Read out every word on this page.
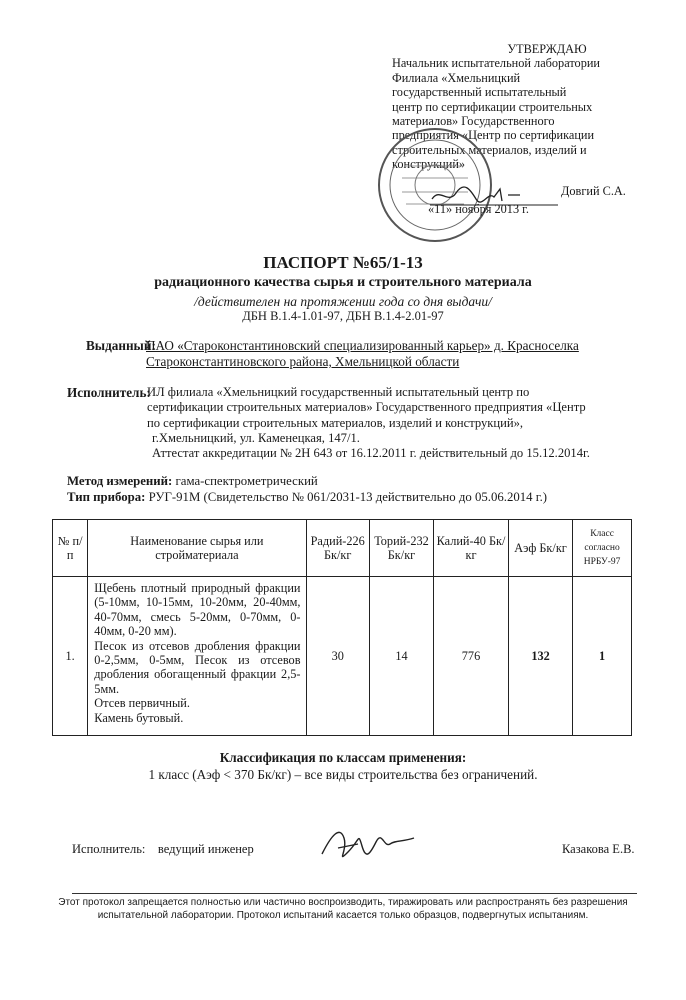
УТВЕРЖДАЮ
Начальник испытательной лаборатории
Филиала «Хмельницкий
государственный испытательный
центр по сертификации строительных
материалов» Государственного
предприятия «Центр по сертификации
строительных материалов, изделий и
конструкций»
Довгий С.А.
«11» ноября 2013 г.
ПАСПОРТ №65/1-13
радиационного качества сырья и строительного материала
/действителен на протяжении года со дня выдачи/
ДБН В.1.4-1.01-97, ДБН В.1.4-2.01-97
Выданный:
ПАО «Староконстантиновский специализированный карьер» д. Красноселка
Староконстантиновского района, Хмельницкой области
Исполнитель:
ИЛ филиала «Хмельницкий государственный испытательный центр по
сертификации строительных материалов» Государственного предприятия «Центр
по сертификации строительных материалов, изделий и конструкций»,
г.Хмельницкий, ул. Каменецкая, 147/1.
Аттестат аккредитации № 2Н 643 от 16.12.2011 г. действительный до 15.12.2014г.
Метод измерений: гама-спектрометрический
Тип прибора: РУГ-91М (Свидетельство № 061/2031-13 действительно до 05.06.2014 г.)
№ п/п	Наименование сырья или стройматериала	Радий-226 Бк/кг	Торий-232 Бк/кг	Калий-40 Бк/кг	Аэф Бк/кг	Класс согласно НРБУ-97
1.	Щебень плотный природный фракции (5-10мм, 10-15мм, 10-20мм, 20-40мм, 40-70мм, смесь 5-20мм, 0-70мм, 0-40мм, 0-20 мм).
Песок из отсевов дробления фракции 0-2,5мм, 0-5мм, Песок из отсевов дробления обогащенный фракции 2,5-5мм.
Отсев первичный.
Камень бутовый.	30	14	776	132	1
Классификация по классам применения:
1 класс (Аэф < 370 Бк/кг) – все виды строительства без ограничений.
Исполнитель:    ведущий инженер	Казакова Е.В.
Этот протокол запрещается полностью или частично воспроизводить, тиражировать или распространять без разрешения
испытательной лаборатории. Протокол испытаний касается только образцов, подвергнутых испытаниям.
